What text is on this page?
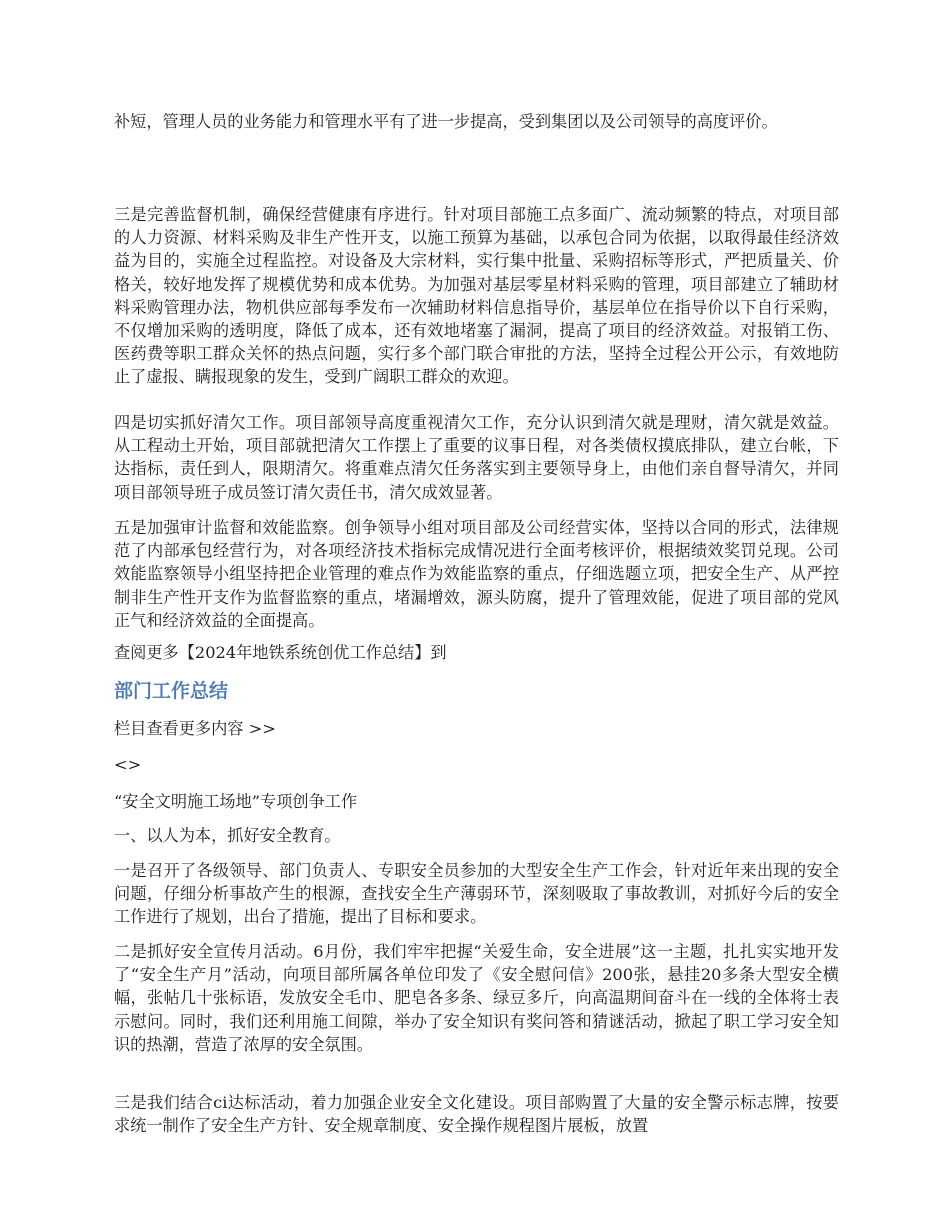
补短，管理人员的业务能力和管理水平有了进一步提高，受到集团以及公司领导的高度评价。

三是完善监督机制，确保经营健康有序进行。针对项目部施工点多面广、流动频繁的特点，对项目部的人力资源、材料采购及非生产性开支，以施工预算为基础，以承包合同为依据，以取得最佳经济效益为目的，实施全过程监控。对设备及大宗材料，实行集中批量、采购招标等形式，严把质量关、价格关，较好地发挥了规模优势和成本优势。为加强对基层零星材料采购的管理，项目部建立了辅助材料采购管理办法，物机供应部每季发布一次辅助材料信息指导价，基层单位在指导价以下自行采购，不仅增加采购的透明度，降低了成本，还有效地堵塞了漏洞，提高了项目的经济效益。对报销工伤、医药费等职工群众关怀的热点问题，实行多个部门联合审批的方法，坚持全过程公开公示，有效地防止了虚报、瞒报现象的发生，受到广阔职工群众的欢迎。

四是切实抓好清欠工作。项目部领导高度重视清欠工作，充分认识到清欠就是理财，清欠就是效益。从工程动土开始，项目部就把清欠工作摆上了重要的议事日程，对各类债权摸底排队，建立台帐，下达指标，责任到人，限期清欠。将重难点清欠任务落实到主要领导身上，由他们亲自督导清欠，并同项目部领导班子成员签订清欠责任书，清欠成效显著。

五是加强审计监督和效能监察。创争领导小组对项目部及公司经营实体，坚持以合同的形式，法律规范了内部承包经营行为，对各项经济技术指标完成情况进行全面考核评价，根据绩效奖罚兑现。公司效能监察领导小组坚持把企业管理的难点作为效能监察的重点，仔细选题立项，把安全生产、从严控制非生产性开支作为监督监察的重点，堵漏增效，源头防腐，提升了管理效能，促进了项目部的党风正气和经济效益的全面提高。

查阅更多【2024年地铁系统创优工作总结】到

部门工作总结

栏目查看更多内容 >>

<>

“安全文明施工场地”专项创争工作

一、以人为本，抓好安全教育。

一是召开了各级领导、部门负责人、专职安全员参加的大型安全生产工作会，针对近年来出现的安全问题，仔细分析事故产生的根源，查找安全生产薄弱环节，深刻吸取了事故教训，对抓好今后的安全工作进行了规划，出台了措施，提出了目标和要求。

二是抓好安全宣传月活动。6月份，我们牢牢把握“关爱生命，安全进展”这一主题，扎扎实实地开发了“安全生产月”活动，向项目部所属各单位印发了《安全慰问信》200张，悬挂20多条大型安全横幅，张帖几十张标语，发放安全毛巾、肥皂各多条、绿豆多斤，向高温期间奋斗在一线的全体将士表示慰问。同时，我们还利用施工间隙，举办了安全知识有奖问答和猜谜活动，掀起了职工学习安全知识的热潮，营造了浓厚的安全氛围。

三是我们结合ci达标活动，着力加强企业安全文化建设。项目部购置了大量的安全警示标志牌，按要求统一制作了安全生产方针、安全规章制度、安全操作规程图片展板，放置
